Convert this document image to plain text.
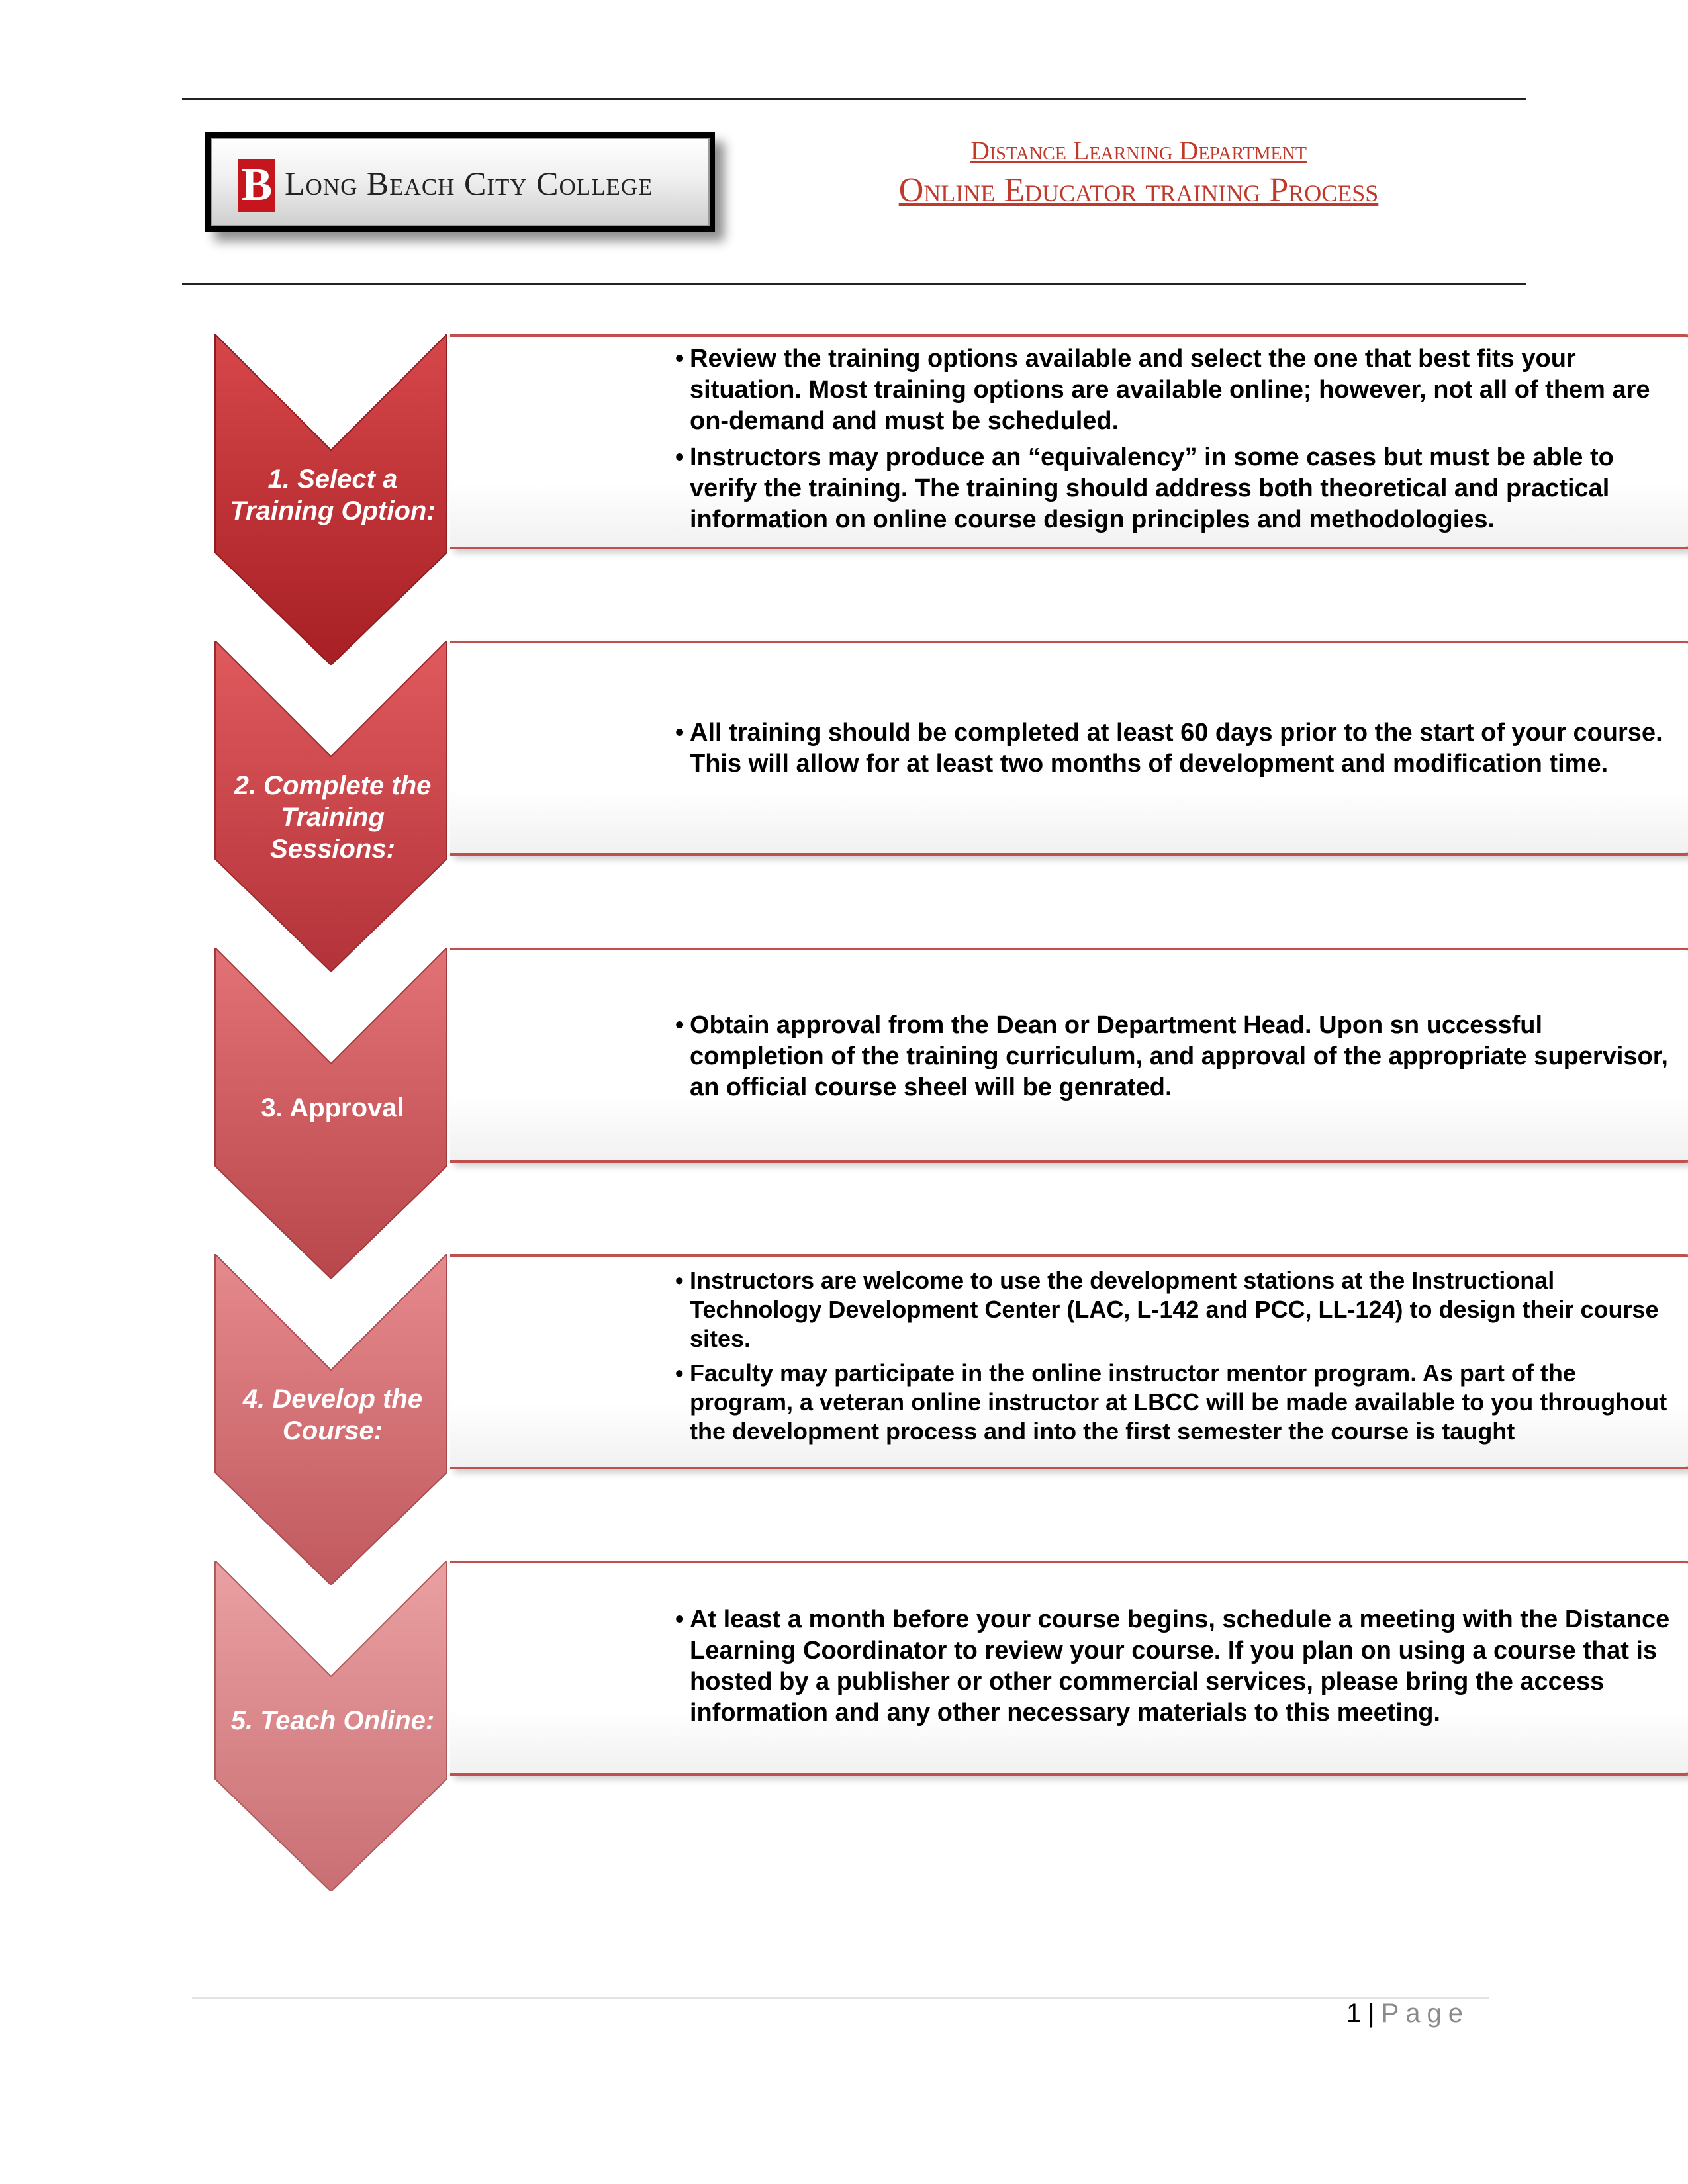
B Long Beach City College
Distance Learning Department
Online Educator training Process
1. Select a Training Option:
• Review the training options available and select the one that best fits your situation. Most training options are available online; however, not all of them are on-demand and must be scheduled.
• Instructors may produce an “equivalency” in some cases but must be able to verify the training. The training should address both theoretical and practical information on online course design principles and methodologies.
2. Complete the Training Sessions:
• All training should be completed at least 60 days prior to the start of your course. This will allow for at least two months of development and modification time.
3. Approval
• Obtain approval from the Dean or Department Head. Upon sn uccessful completion of the training curriculum, and approval of the appropriate supervisor, an official course sheel will be genrated.
4. Develop the Course:
• Instructors are welcome to use the development stations at the Instructional Technology Development Center (LAC, L-142 and PCC, LL-124) to design their course sites.
• Faculty may participate in the online instructor mentor program. As part of the program, a veteran online instructor at LBCC will be made available to you throughout the development process and into the first semester the course is taught
5. Teach Online:
• At least a month before your course begins, schedule a meeting with the Distance Learning Coordinator to review your course. If you plan on using a course that is hosted by a publisher or other commercial services, please bring the access information and any other necessary materials to this meeting.
1 | Page
